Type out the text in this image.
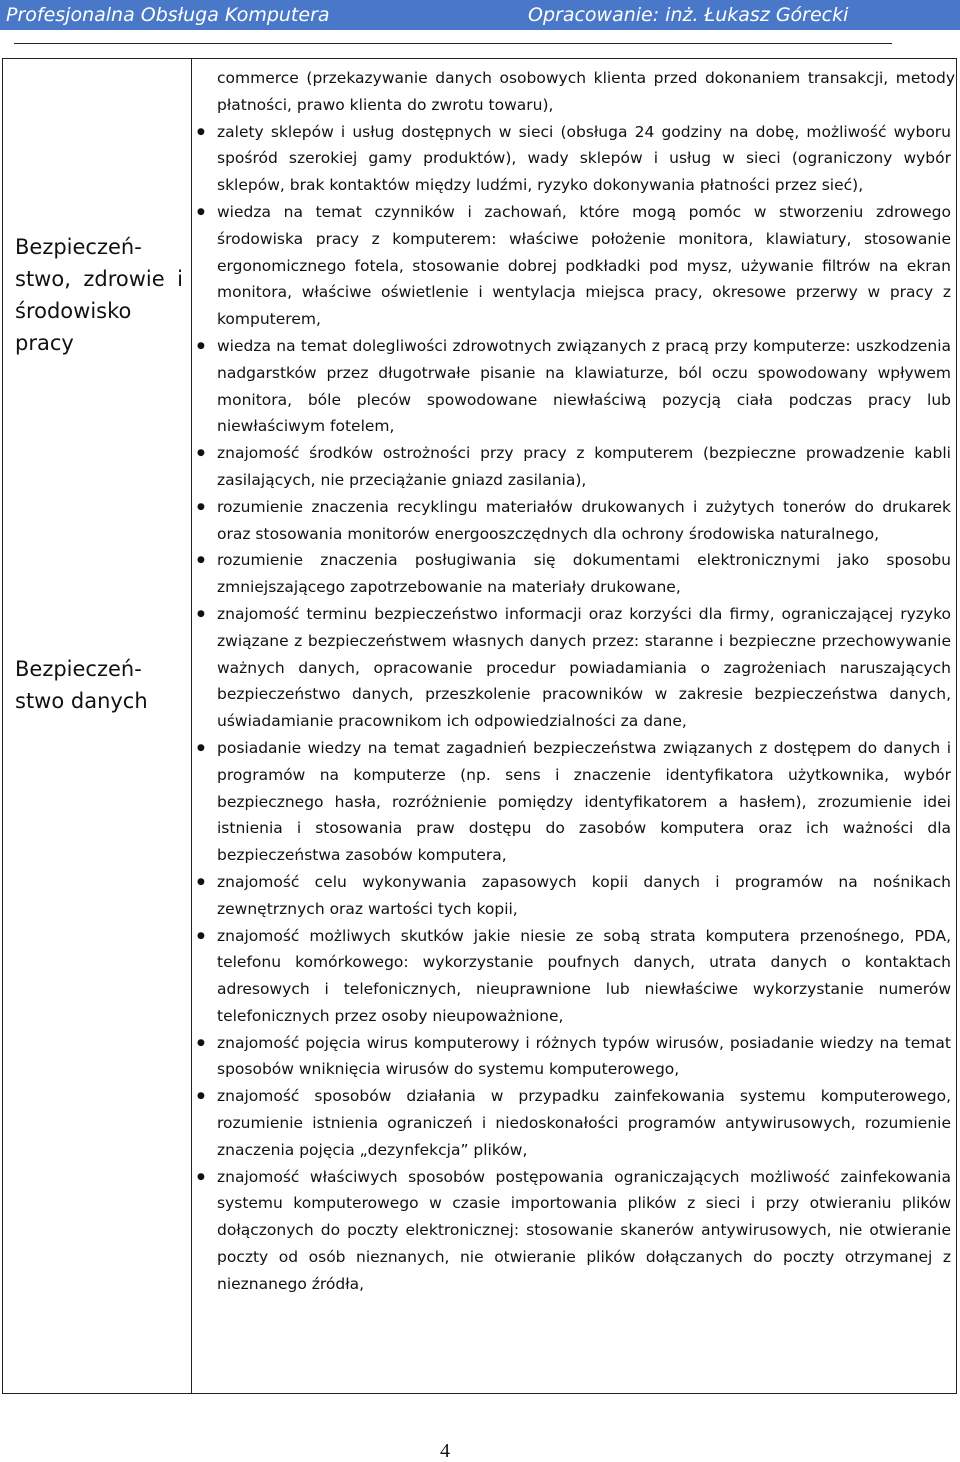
Profesjonalna Obsługa Komputera	Opracowanie: inż. Łukasz Górecki
Bezpieczeń-stwo, zdrowie i środowisko pracy
Bezpieczeń-stwo danych

commerce (przekazywanie danych osobowych klienta przed dokonaniem transakcji, metody płatności, prawo klienta do zwrotu towaru),

● zalety sklepów i usług dostępnych w sieci (obsługa 24 godziny na dobę, możliwość wyboru spośród szerokiej gamy produktów), wady sklepów i usług w sieci (ograniczony wybór sklepów, brak kontaktów między ludźmi, ryzyko dokonywania płatności przez sieć),
● wiedza na temat czynników i zachowań, które mogą pomóc w stworzeniu zdrowego środowiska pracy z komputerem: właściwe położenie monitora, klawiatury, stosowanie ergonomicznego fotela, stosowanie dobrej podkładki pod mysz, używanie filtrów na ekran monitora, właściwe oświetlenie i wentylacja miejsca pracy, okresowe przerwy w pracy z komputerem,
● wiedza na temat dolegliwości zdrowotnych związanych z pracą przy komputerze: uszkodzenia nadgarstków przez długotrwałe pisanie na klawiaturze, ból oczu spowodowany wpływem monitora, bóle pleców spowodowane niewłaściwą pozycją ciała podczas pracy lub niewłaściwym fotelem,
● znajomość środków ostrożności przy pracy z komputerem (bezpieczne prowadzenie kabli zasilających, nie przeciążanie gniazd zasilania),
● rozumienie znaczenia recyklingu materiałów drukowanych i zużytych tonerów do drukarek oraz stosowania monitorów energooszczędnych dla ochrony środowiska naturalnego,
● rozumienie znaczenia posługiwania się dokumentami elektronicznymi jako sposobu zmniejszającego zapotrzebowanie na materiały drukowane,
● znajomość terminu bezpieczeństwo informacji oraz korzyści dla firmy, ograniczającej ryzyko związane z bezpieczeństwem własnych danych przez: staranne i bezpieczne przechowywanie ważnych danych, opracowanie procedur powiadamiania o zagrożeniach naruszających bezpieczeństwo danych, przeszkolenie pracowników w zakresie bezpieczeństwa danych, uświadamianie pracownikom ich odpowiedzialności za dane,
● posiadanie wiedzy na temat zagadnień bezpieczeństwa związanych z dostępem do danych i programów na komputerze (np. sens i znaczenie identyfikatora użytkownika, wybór bezpiecznego hasła, rozróżnienie pomiędzy identyfikatorem a hasłem), zrozumienie idei istnienia i stosowania praw dostępu do zasobów komputera oraz ich ważności dla bezpieczeństwa zasobów komputera,
● znajomość celu wykonywania zapasowych kopii danych i programów na nośnikach zewnętrznych oraz wartości tych kopii,
● znajomość możliwych skutków jakie niesie ze sobą strata komputera przenośnego, PDA, telefonu komórkowego: wykorzystanie poufnych danych, utrata danych o kontaktach adresowych i telefonicznych, nieuprawnione lub niewłaściwe wykorzystanie numerów telefonicznych przez osoby nieupoważnione,
● znajomość pojęcia wirus komputerowy i różnych typów wirusów, posiadanie wiedzy na temat sposobów wniknięcia wirusów do systemu komputerowego,
● znajomość sposobów działania w przypadku zainfekowania systemu komputerowego, rozumienie istnienia ograniczeń i niedoskonałości programów antywirusowych, rozumienie znaczenia pojęcia „dezynfekcja” plików,
● znajomość właściwych sposobów postępowania ograniczających możliwość zainfekowania systemu komputerowego w czasie importowania plików z sieci i przy otwieraniu plików dołączonych do poczty elektronicznej: stosowanie skanerów antywirusowych, nie otwieranie poczty od osób nieznanych, nie otwieranie plików dołączanych do poczty otrzymanej z nieznanego źródła,
4
